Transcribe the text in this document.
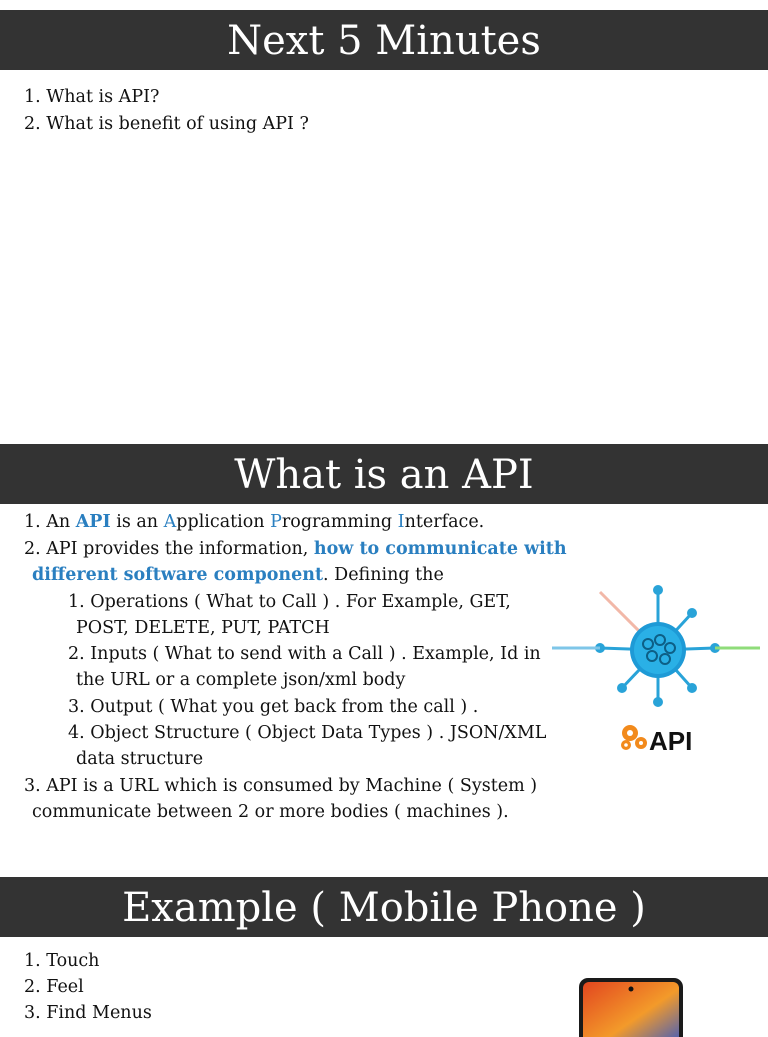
Next 5 Minutes
1. What is API?
2. What is benefit of using API ?
What is an API
1. An API is an Application Programming Interface.
2. API provides the information, how to communicate with
different software component. Defining the
1. Operations ( What to Call ) . For Example, GET,
POST, DELETE, PUT, PATCH
2. Inputs ( What to send with a Call ) . Example, Id in
the URL or a complete json/xml body
3. Output ( What you get back from the call ) .
4. Object Structure ( Object Data Types ) . JSON/XML
data structure
3. API is a URL which is consumed by Machine ( System )
communicate between 2 or more bodies ( machines ).
API
Example ( Mobile Phone )
1. Touch
2. Feel
3. Find Menus
